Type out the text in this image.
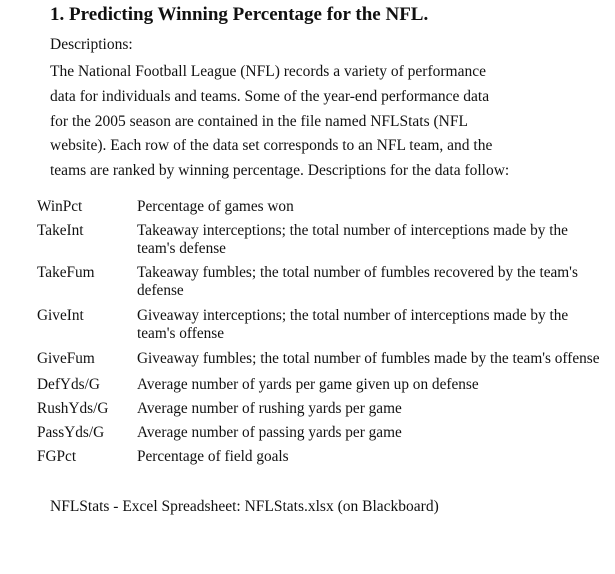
1. Predicting Winning Percentage for the NFL.
Descriptions:
The National Football League (NFL) records a variety of performance
data for individuals and teams. Some of the year-end performance data
for the 2005 season are contained in the file named NFLStats (NFL
website). Each row of the data set corresponds to an NFL team, and the
teams are ranked by winning percentage. Descriptions for the data follow:
WinPct	Percentage of games won
TakeInt	Takeaway interceptions; the total number of interceptions made by the team's defense
TakeFum	Takeaway fumbles; the total number of fumbles recovered by the team's defense
GiveInt	Giveaway interceptions; the total number of interceptions made by the team's offense
GiveFum	Giveaway fumbles; the total number of fumbles made by the team's offense
DefYds/G	Average number of yards per game given up on defense
RushYds/G	Average number of rushing yards per game
PassYds/G	Average number of passing yards per game
FGPct	Percentage of field goals
NFLStats - Excel Spreadsheet: NFLStats.xlsx (on Blackboard)
